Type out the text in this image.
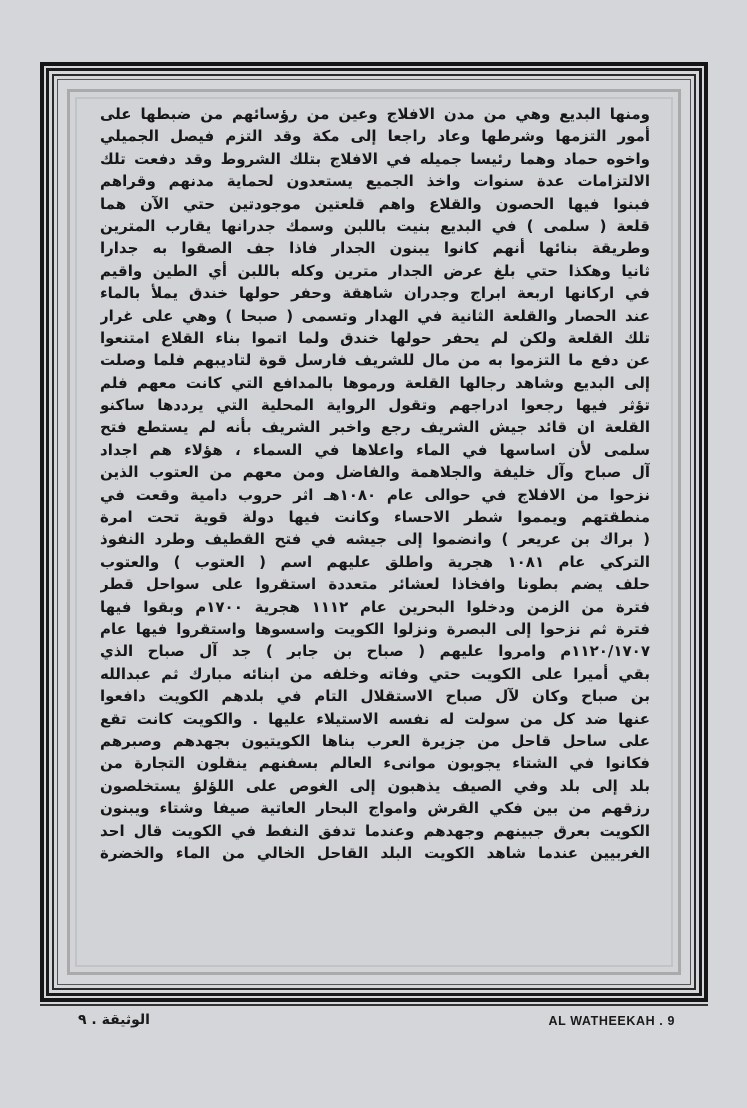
ومنها البديع وهي من مدن الافلاج وعين من رؤسائهم من ضبطها على
أمور التزمها وشرطها وعاد راجعا إلى مكة وقد التزم فيصل الجميلي
واخوه حماد وهما رئيسا جميله في الافلاج بتلك الشروط وقد دفعت تلك
الالتزامات عدة سنوات واخذ الجميع يستعدون لحماية مدنهم وقراهم
فبنوا فيها الحصون والقلاع واهم قلعتين موجودتين حتي الآن هما
قلعة ( سلمى ) في البديع بنيت باللبن وسمك جدرانها يقارب المترين
وطريقة بنائها أنهم كانوا يبنون الجدار فاذا جف الصقوا به جدارا
ثانيا وهكذا حتي بلغ عرض الجدار مترين وكله باللبن أي الطين واقيم
في اركانها اربعة ابراج وجدران شاهقة وحفر حولها خندق يملأ بالماء
عند الحصار والقلعة الثانية في الهدار وتسمى ( صبحا ) وهي على غرار
تلك القلعة ولكن لم يحفر حولها خندق ولما اتموا بناء القلاع امتنعوا
عن دفع ما التزموا به من مال للشريف فارسل قوة لتاديبهم فلما وصلت
إلى البديع وشاهد رجالها القلعة ورموها بالمدافع التي كانت معهم فلم
تؤثر فيها رجعوا ادراجهم وتقول الرواية المحلية التي يرددها ساكنو
القلعة ان قائد جيش الشريف رجع واخبر الشريف بأنه لم يستطع فتح
سلمى لأن اساسها في الماء واعلاها في السماء ، هؤلاء هم اجداد
آل صباح وآل خليفة والجلاهمة والفاضل ومن معهم من العتوب الذين
نزحوا من الافلاج في حوالى عام ١٠٨٠هـ اثر حروب دامية وقعت في
منطقتهم ويمموا شطر الاحساء وكانت فيها دولة قوية تحت امرة
( براك بن عريعر ) وانضموا إلى جيشه في فتح القطيف وطرد النفوذ
التركي عام ١٠٨١ هجرية واطلق عليهم اسم ( العتوب ) والعتوب
حلف يضم بطونا وافخاذا لعشائر متعددة استقروا على سواحل قطر
فترة من الزمن ودخلوا البحرين عام ١١١٢ هجرية ١٧٠٠م وبقوا فيها
فترة ثم نزحوا إلى البصرة ونزلوا الكويت واسسوها واستقروا فيها عام
١١٢٠/١٧٠٧م وامروا عليهم ( صباح بن جابر ) جد آل صباح الذي
بقي أميرا على الكويت حتي وفاته وخلفه من ابنائه مبارك ثم عبدالله
بن صباح وكان لآل صباح الاستقلال التام في بلدهم الكويت دافعوا
عنها ضد كل من سولت له نفسه الاستيلاء عليها . والكويت كانت تقع
على ساحل قاحل من جزيرة العرب بناها الكويتيون بجهدهم وصبرهم
فكانوا في الشتاء يجوبون موانىء العالم بسفنهم ينقلون التجارة من
بلد إلى بلد وفي الصيف يذهبون إلى الغوص على اللؤلؤ يستخلصون
رزقهم من بين فكي القرش وامواج البحار العاتية صيفا وشتاء ويبنون
الكويت بعرق جبينهم وجهدهم وعندما تدفق النفط في الكويت قال احد
الغربيين عندما شاهد الكويت البلد القاحل الخالي من الماء والخضرة
الوثيقة . ٩	AL WATHEEKAH . 9
